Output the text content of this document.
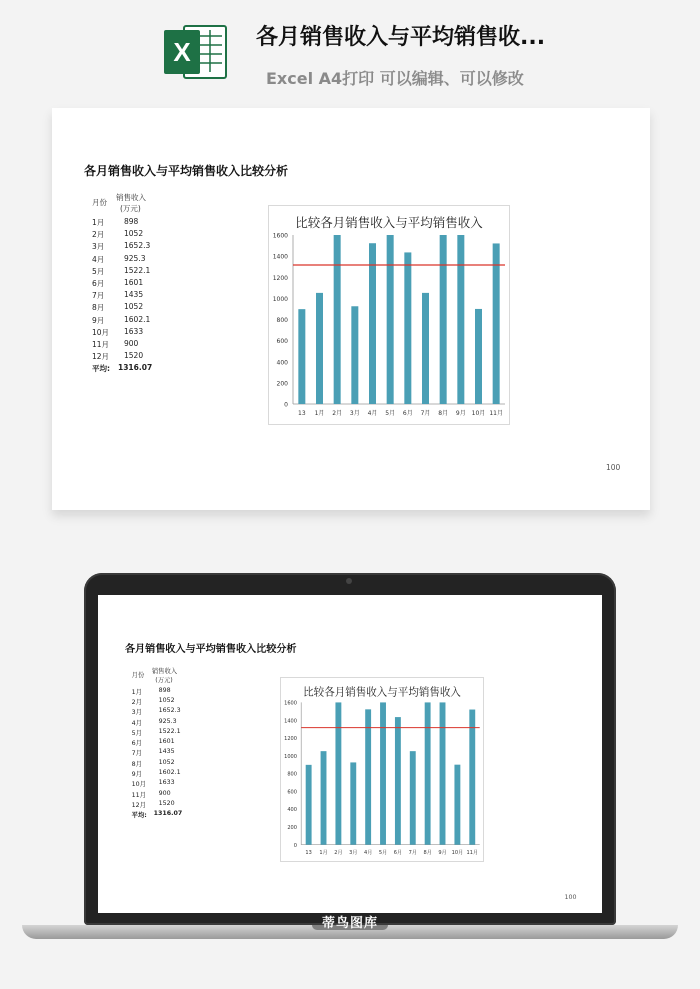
X	各月销售收入与平均销售收...
Excel A4打印 可以编辑、可以修改
各月销售收入与平均销售收入比较分析
月份
销售收入
(万元)
1月	898
2月	1052
3月	1652.3
4月	925.3
5月	1522.1
6月	1601
7月	1435
8月	1052
9月	1602.1
10月 1633
11月 900
12月 1520
平均: 1316.07
100
比较各月销售收入与平均销售收入
0
200
400
600
800
1000
1200
1400
1600
13 1月 2月 3月 4月 5月 6月 7月 8月 9月 10月 11月
各月销售收入与平均销售收入比较分析
月份
销售收入
(万元)
1月	898
2月	1052
3月	1652.3
4月	925.3
5月	1522.1
6月	1601
7月	1435
8月	1052
9月	1602.1
10月 1633
11月 900
12月 1520
平均: 1316.07
100
比较各月销售收入与平均销售收入
0
200
400
600
800
1000
1200
1400
1600
13 1月 2月 3月 4月 5月 6月 7月 8月 9月 10月 11月
蒂鸟图库
